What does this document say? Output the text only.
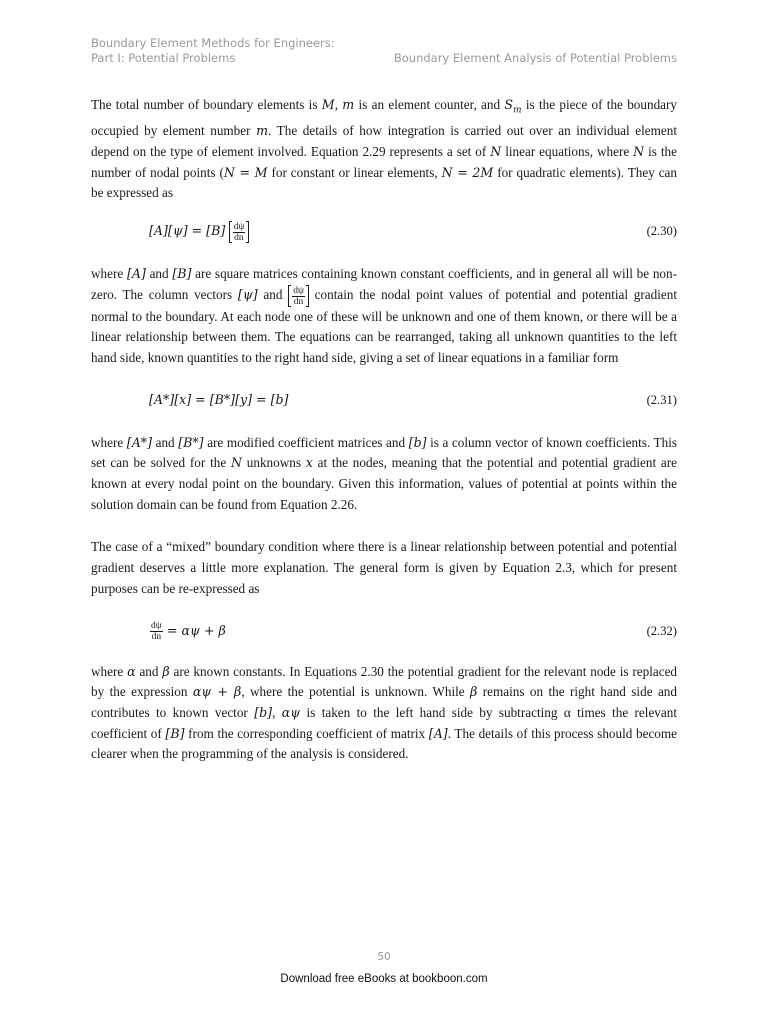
Boundary Element Methods for Engineers:
Part I: Potential Problems	Boundary Element Analysis of Potential Problems

The total number of boundary elements is M, m is an element counter, and $S_m$ is the piece of the boundary occupied by element number m. The details of how integration is carried out over an individual element depend on the type of element involved. Equation 2.29 represents a set of N linear equations, where N is the number of nodal points (N = M for constant or linear elements, N = 2M for quadratic elements). They can be expressed as

$[A][\psi] = [B] \frac{d\psi}{dn}$	(2.30)

where [A] and [B] are square matrices containing known constant coefficients, and in general all will be non-zero. The column vectors [ψ] and $\frac{d\psi}{dn}$ contain the nodal point values of potential and potential gradient normal to the boundary. At each node one of these will be unknown and one of them known, or there will be a linear relationship between them. The equations can be rearranged, taking all unknown quantities to the left hand side, known quantities to the right hand side, giving a set of linear equations in a familiar form

[A*][x] = [B*][y] = [b]	(2.31)

where [A*] and [B*] are modified coefficient matrices and [b] is a column vector of known coefficients. This set can be solved for the N unknowns x at the nodes, meaning that the potential and potential gradient are known at every nodal point on the boundary. Given this information, values of potential at points within the solution domain can be found from Equation 2.26.

The case of a “mixed” boundary condition where there is a linear relationship between potential and potential gradient deserves a little more explanation. The general form is given by Equation 2.3, which for present purposes can be re-expressed as

$\frac{d\psi}{dn} = \alpha\psi + \beta$	(2.32)

where α and β are known constants. In Equations 2.30 the potential gradient for the relevant node is replaced by the expression αψ + β, where the potential is unknown. While β remains on the right hand side and contributes to known vector [b], αψ is taken to the left hand side by subtracting α times the relevant coefficient of [B] from the corresponding coefficient of matrix [A]. The details of this process should become clearer when the programming of the analysis is considered.

50
Download free eBooks at bookboon.com
